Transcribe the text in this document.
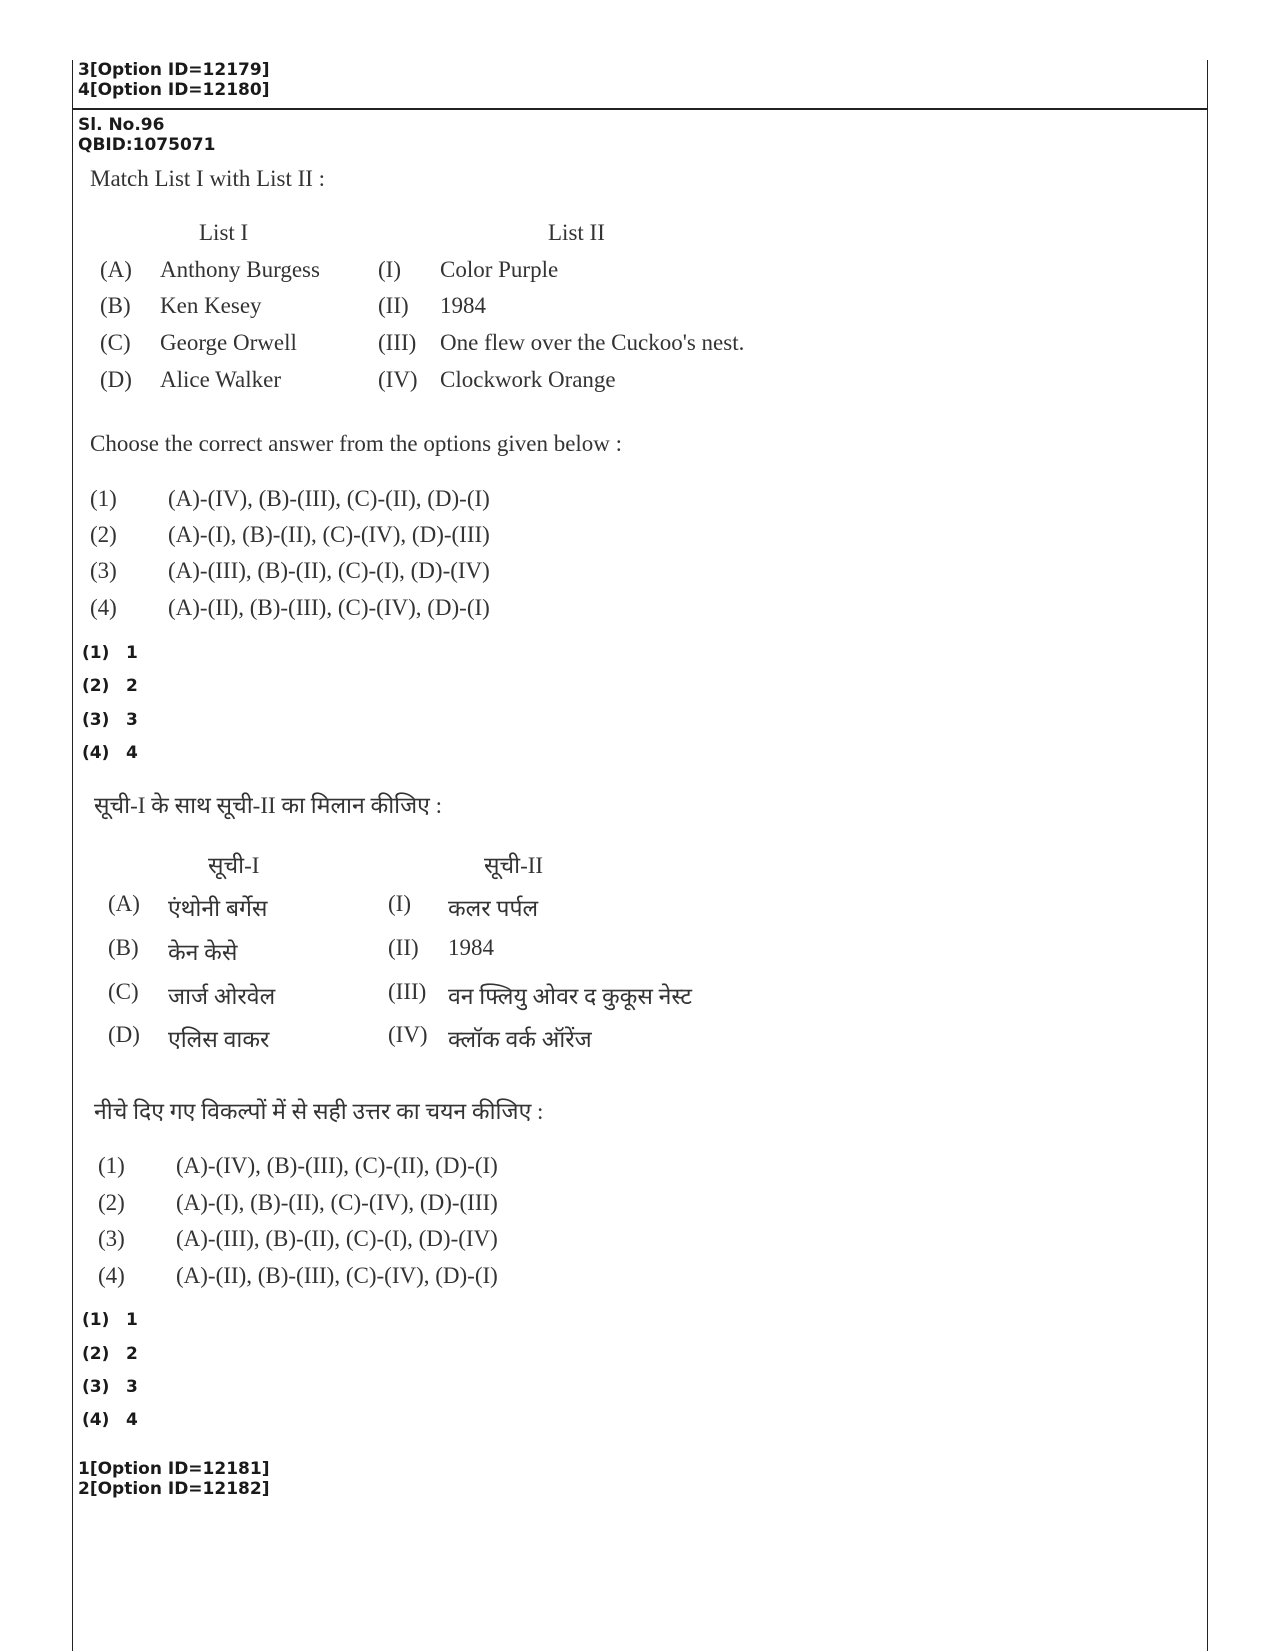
3[Option ID=12179]
4[Option ID=12180]
Sl. No.96
QBID:1075071
Match List I with List II :
List I	List II
(A) Anthony Burgess	(I) Color Purple
(B) Ken Kesey	(II) 1984
(C) George Orwell	(III) One flew over the Cuckoo's nest.
(D) Alice Walker	(IV) Clockwork Orange
Choose the correct answer from the options given below :
(1) (A)-(IV), (B)-(III), (C)-(II), (D)-(I)
(2) (A)-(I), (B)-(II), (C)-(IV), (D)-(III)
(3) (A)-(III), (B)-(II), (C)-(I), (D)-(IV)
(4) (A)-(II), (B)-(III), (C)-(IV), (D)-(I)
(1) 1
(2) 2
(3) 3
(4) 4
सूची-I के साथ सूची-II का मिलान कीजिए :
सूची-I	सूची-II
(A) एंथोनी बर्गेस	(I) कलर पर्पल
(B) केन केसे	(II) 1984
(C) जार्ज ओरवेल	(III) वन फ्लियु ओवर द कुकूस नेस्ट
(D) एलिस वाकर	(IV) क्लॉक वर्क ऑरेंज
नीचे दिए गए विकल्पों में से सही उत्तर का चयन कीजिए :
(1) (A)-(IV), (B)-(III), (C)-(II), (D)-(I)
(2) (A)-(I), (B)-(II), (C)-(IV), (D)-(III)
(3) (A)-(III), (B)-(II), (C)-(I), (D)-(IV)
(4) (A)-(II), (B)-(III), (C)-(IV), (D)-(I)
(1) 1
(2) 2
(3) 3
(4) 4
1[Option ID=12181]
2[Option ID=12182]
